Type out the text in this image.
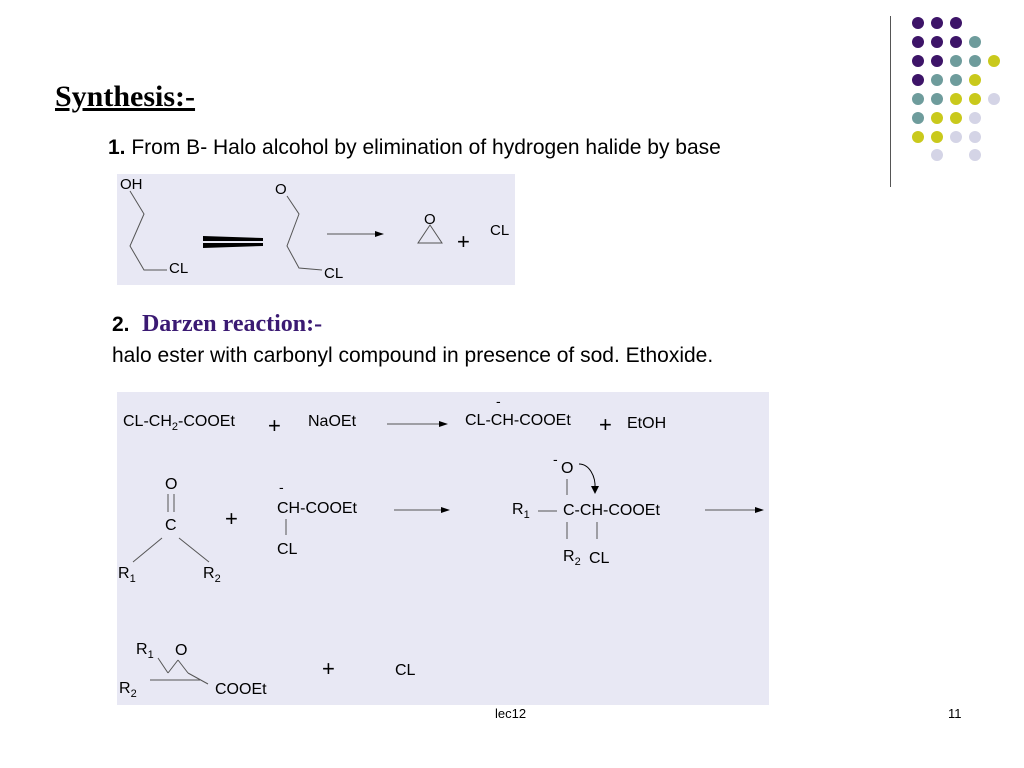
Synthesis:-
1. From B- Halo alcohol by elimination of hydrogen halide by base
OH
CL
O
CL
O
+ CL
2. Darzen reaction:-
halo ester with carbonyl compound in presence of sod. Ethoxide.
$CL-CH_2$-COOEt + NaOEt
-
CL-CH-COOEt + EtOH
O
C
$R_1$	$R_2$
+
-
CH-COOEt
CL
-
O
$R_1$ C-CH-COOEt
$R_2$ CL
$R_1$ O
$R_2$	COOEt
+	CL
lec12	11
